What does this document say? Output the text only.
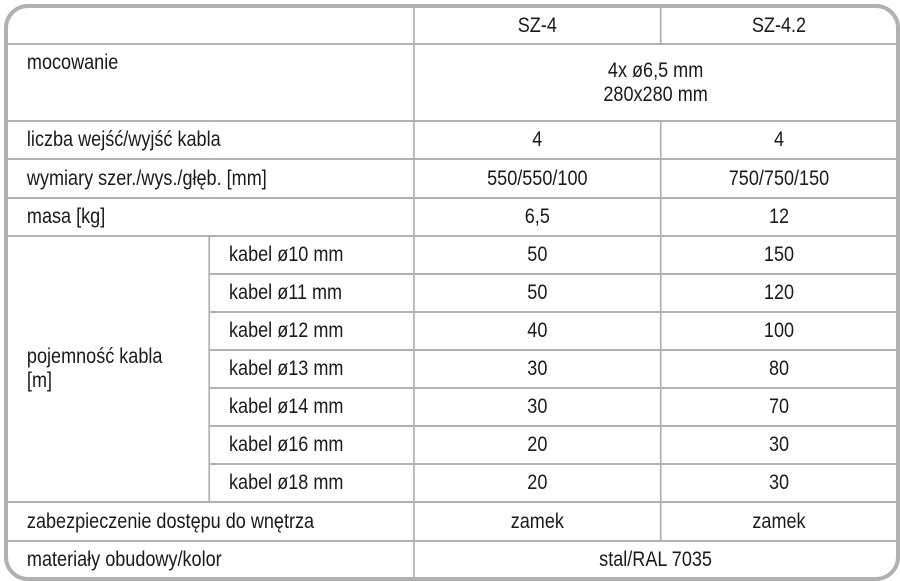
		SZ-4	SZ-4.2
mocowanie		4x ø6,5 mm
280x280 mm	

liczba wejść/wyjść kabla		4	4
wymiary szer./wys./głęb. [mm]		550/550/100	750/750/150
masa [kg]		6,5	12

pojemność kabla
[m]	kabel ø10 mm	50	150
	kabel ø11 mm	50	120
	kabel ø12 mm	40	100
	kabel ø13 mm	30	80
	kabel ø14 mm	30	70
	kabel ø16 mm	20	30
	kabel ø18 mm	20	30
zabezpieczenie dostępu do wnętrza		zamek	zamek
materiały obudowy/kolor		stal/RAL 7035	
